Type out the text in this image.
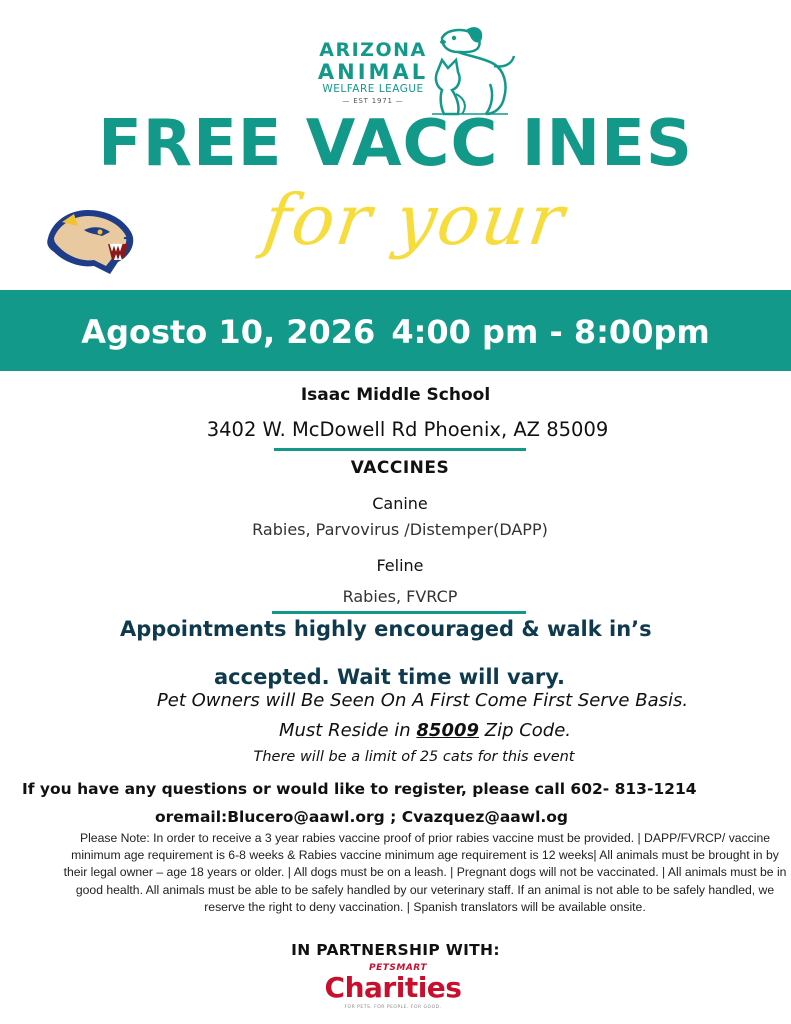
ARIZONA
ANIMAL
WELFARE LEAGUE
— EST 1971 —
FREE VACC INES
for your
Agosto 10, 2026 4:00 pm - 8:00pm
Isaac Middle School
3402 W. McDowell Rd Phoenix, AZ 85009
VACCINES
Canine
Rabies, Parvovirus /Distemper(DAPP)
Feline
Rabies, FVRCP
Appointments highly encouraged & walk in’s
accepted. Wait time will vary.
Pet Owners will Be Seen On A First Come First Serve Basis.
Must Reside in 85009 Zip Code.
There will be a limit of 25 cats for this event
If you have any questions or would like to register, please call 602- 813-1214
oremail:Blucero@aawl.org ; Cvazquez@aawl.og
Please Note: In order to receive a 3 year rabies vaccine proof of prior rabies vaccine must be provided. | DAPP/FVRCP/ vaccine minimum age requirement is 6-8 weeks & Rabies vaccine minimum age requirement is 12 weeks| All animals must be brought in by their legal owner – age 18 years or older. | All dogs must be on a leash. | Pregnant dogs will not be vaccinated. | All animals must be in good health. All animals must be able to be safely handled by our veterinary staff. If an animal is not able to be safely handled, we reserve the right to deny vaccination. | Spanish translators will be available onsite.
IN PARTNERSHIP WITH:
PETSMART
Charities
FOR PETS. FOR PEOPLE. FOR GOOD.
